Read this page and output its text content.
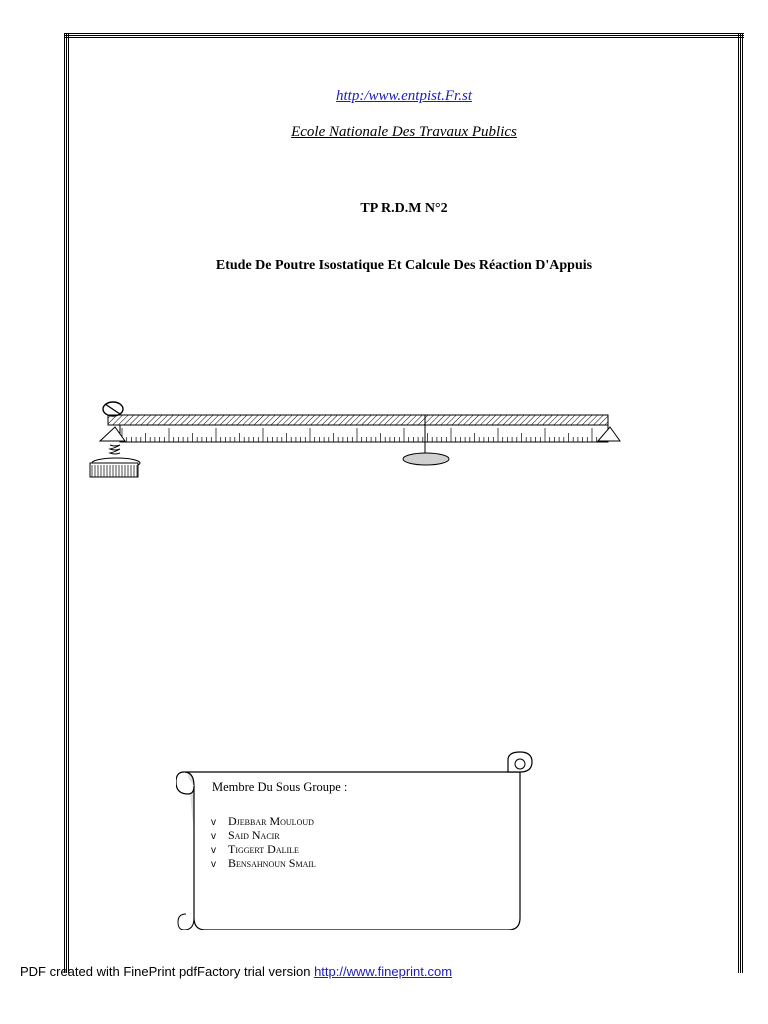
http:/www.entpist.Fr.st
Ecole Nationale Des Travaux Publics
TP R.D.M N°2
Etude De Poutre Isostatique Et Calcule Des Réaction D'Appuis
Membre Du Sous Groupe :
v Djebbar Mouloud
v Said Nacir
v Tiggert Dalile
v Bensahnoun Smail
PDF created with FinePrint pdfFactory trial version http://www.fineprint.com
